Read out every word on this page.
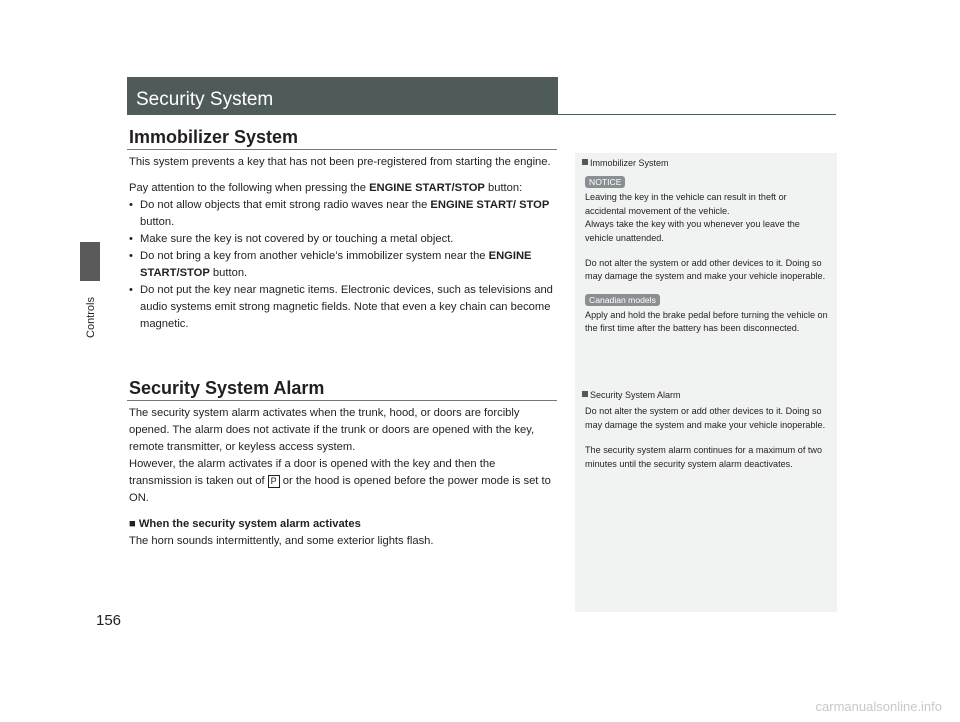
Controls
156
Security System
Immobilizer System

This system prevents a key that has not been pre-registered from starting the engine.

Pay attention to the following when pressing the ENGINE START/STOP button:

• Do not allow objects that emit strong radio waves near the ENGINE START/ STOP button.
• Make sure the key is not covered by or touching a metal object.
• Do not bring a key from another vehicle’s immobilizer system near the ENGINE START/STOP button.
• Do not put the key near magnetic items. Electronic devices, such as televisions and audio systems emit strong magnetic fields. Note that even a key chain can become magnetic.
Security System Alarm

The security system alarm activates when the trunk, hood, or doors are forcibly opened. The alarm does not activate if the trunk or doors are opened with the key, remote transmitter, or keyless access system.

However, the alarm activates if a door is opened with the key and then the transmission is taken out of P or the hood is opened before the power mode is set to ON.

■ When the security system alarm activates

The horn sounds intermittently, and some exterior lights flash.

Immobilizer System

NOTICE

Leaving the key in the vehicle can result in theft or accidental movement of the vehicle.

Always take the key with you whenever you leave the vehicle unattended.

Do not alter the system or add other devices to it. Doing so may damage the system and make your vehicle inoperable.

Canadian models

Apply and hold the brake pedal before turning the vehicle on the first time after the battery has been disconnected.

Security System Alarm

Do not alter the system or add other devices to it. Doing so may damage the system and make your vehicle inoperable.

The security system alarm continues for a maximum of two minutes until the security system alarm deactivates.

carmanualsonline.info
